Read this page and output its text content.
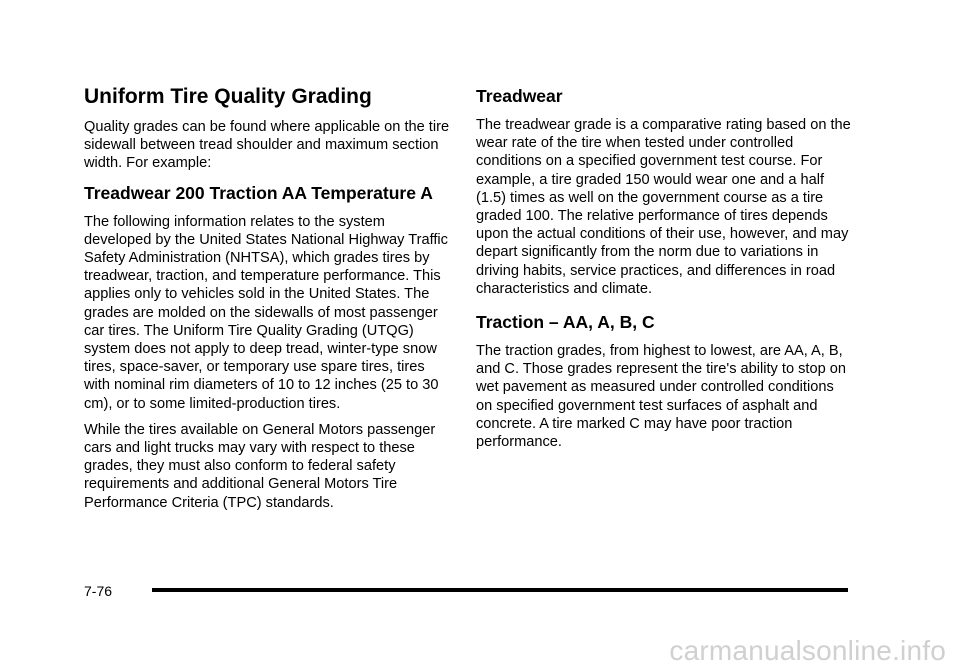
Uniform Tire Quality Grading

Quality grades can be found where applicable on the tire sidewall between tread shoulder and maximum section width. For example:

Treadwear 200 Traction AA Temperature A

The following information relates to the system developed by the United States National Highway Traffic Safety Administration (NHTSA), which grades tires by treadwear, traction, and temperature performance. This applies only to vehicles sold in the United States. The grades are molded on the sidewalls of most passenger car tires. The Uniform Tire Quality Grading (UTQG) system does not apply to deep tread, winter-type snow tires, space-saver, or temporary use spare tires, tires with nominal rim diameters of 10 to 12 inches (25 to 30 cm), or to some limited-production tires.

While the tires available on General Motors passenger cars and light trucks may vary with respect to these grades, they must also conform to federal safety requirements and additional General Motors Tire Performance Criteria (TPC) standards.

Treadwear

The treadwear grade is a comparative rating based on the wear rate of the tire when tested under controlled conditions on a specified government test course. For example, a tire graded 150 would wear one and a half (1.5) times as well on the government course as a tire graded 100. The relative performance of tires depends upon the actual conditions of their use, however, and may depart significantly from the norm due to variations in driving habits, service practices, and differences in road characteristics and climate.

Traction – AA, A, B, C

The traction grades, from highest to lowest, are AA, A, B, and C. Those grades represent the tire's ability to stop on wet pavement as measured under controlled conditions on specified government test surfaces of asphalt and concrete. A tire marked C may have poor traction performance.

7-76
carmanualsonline.info
